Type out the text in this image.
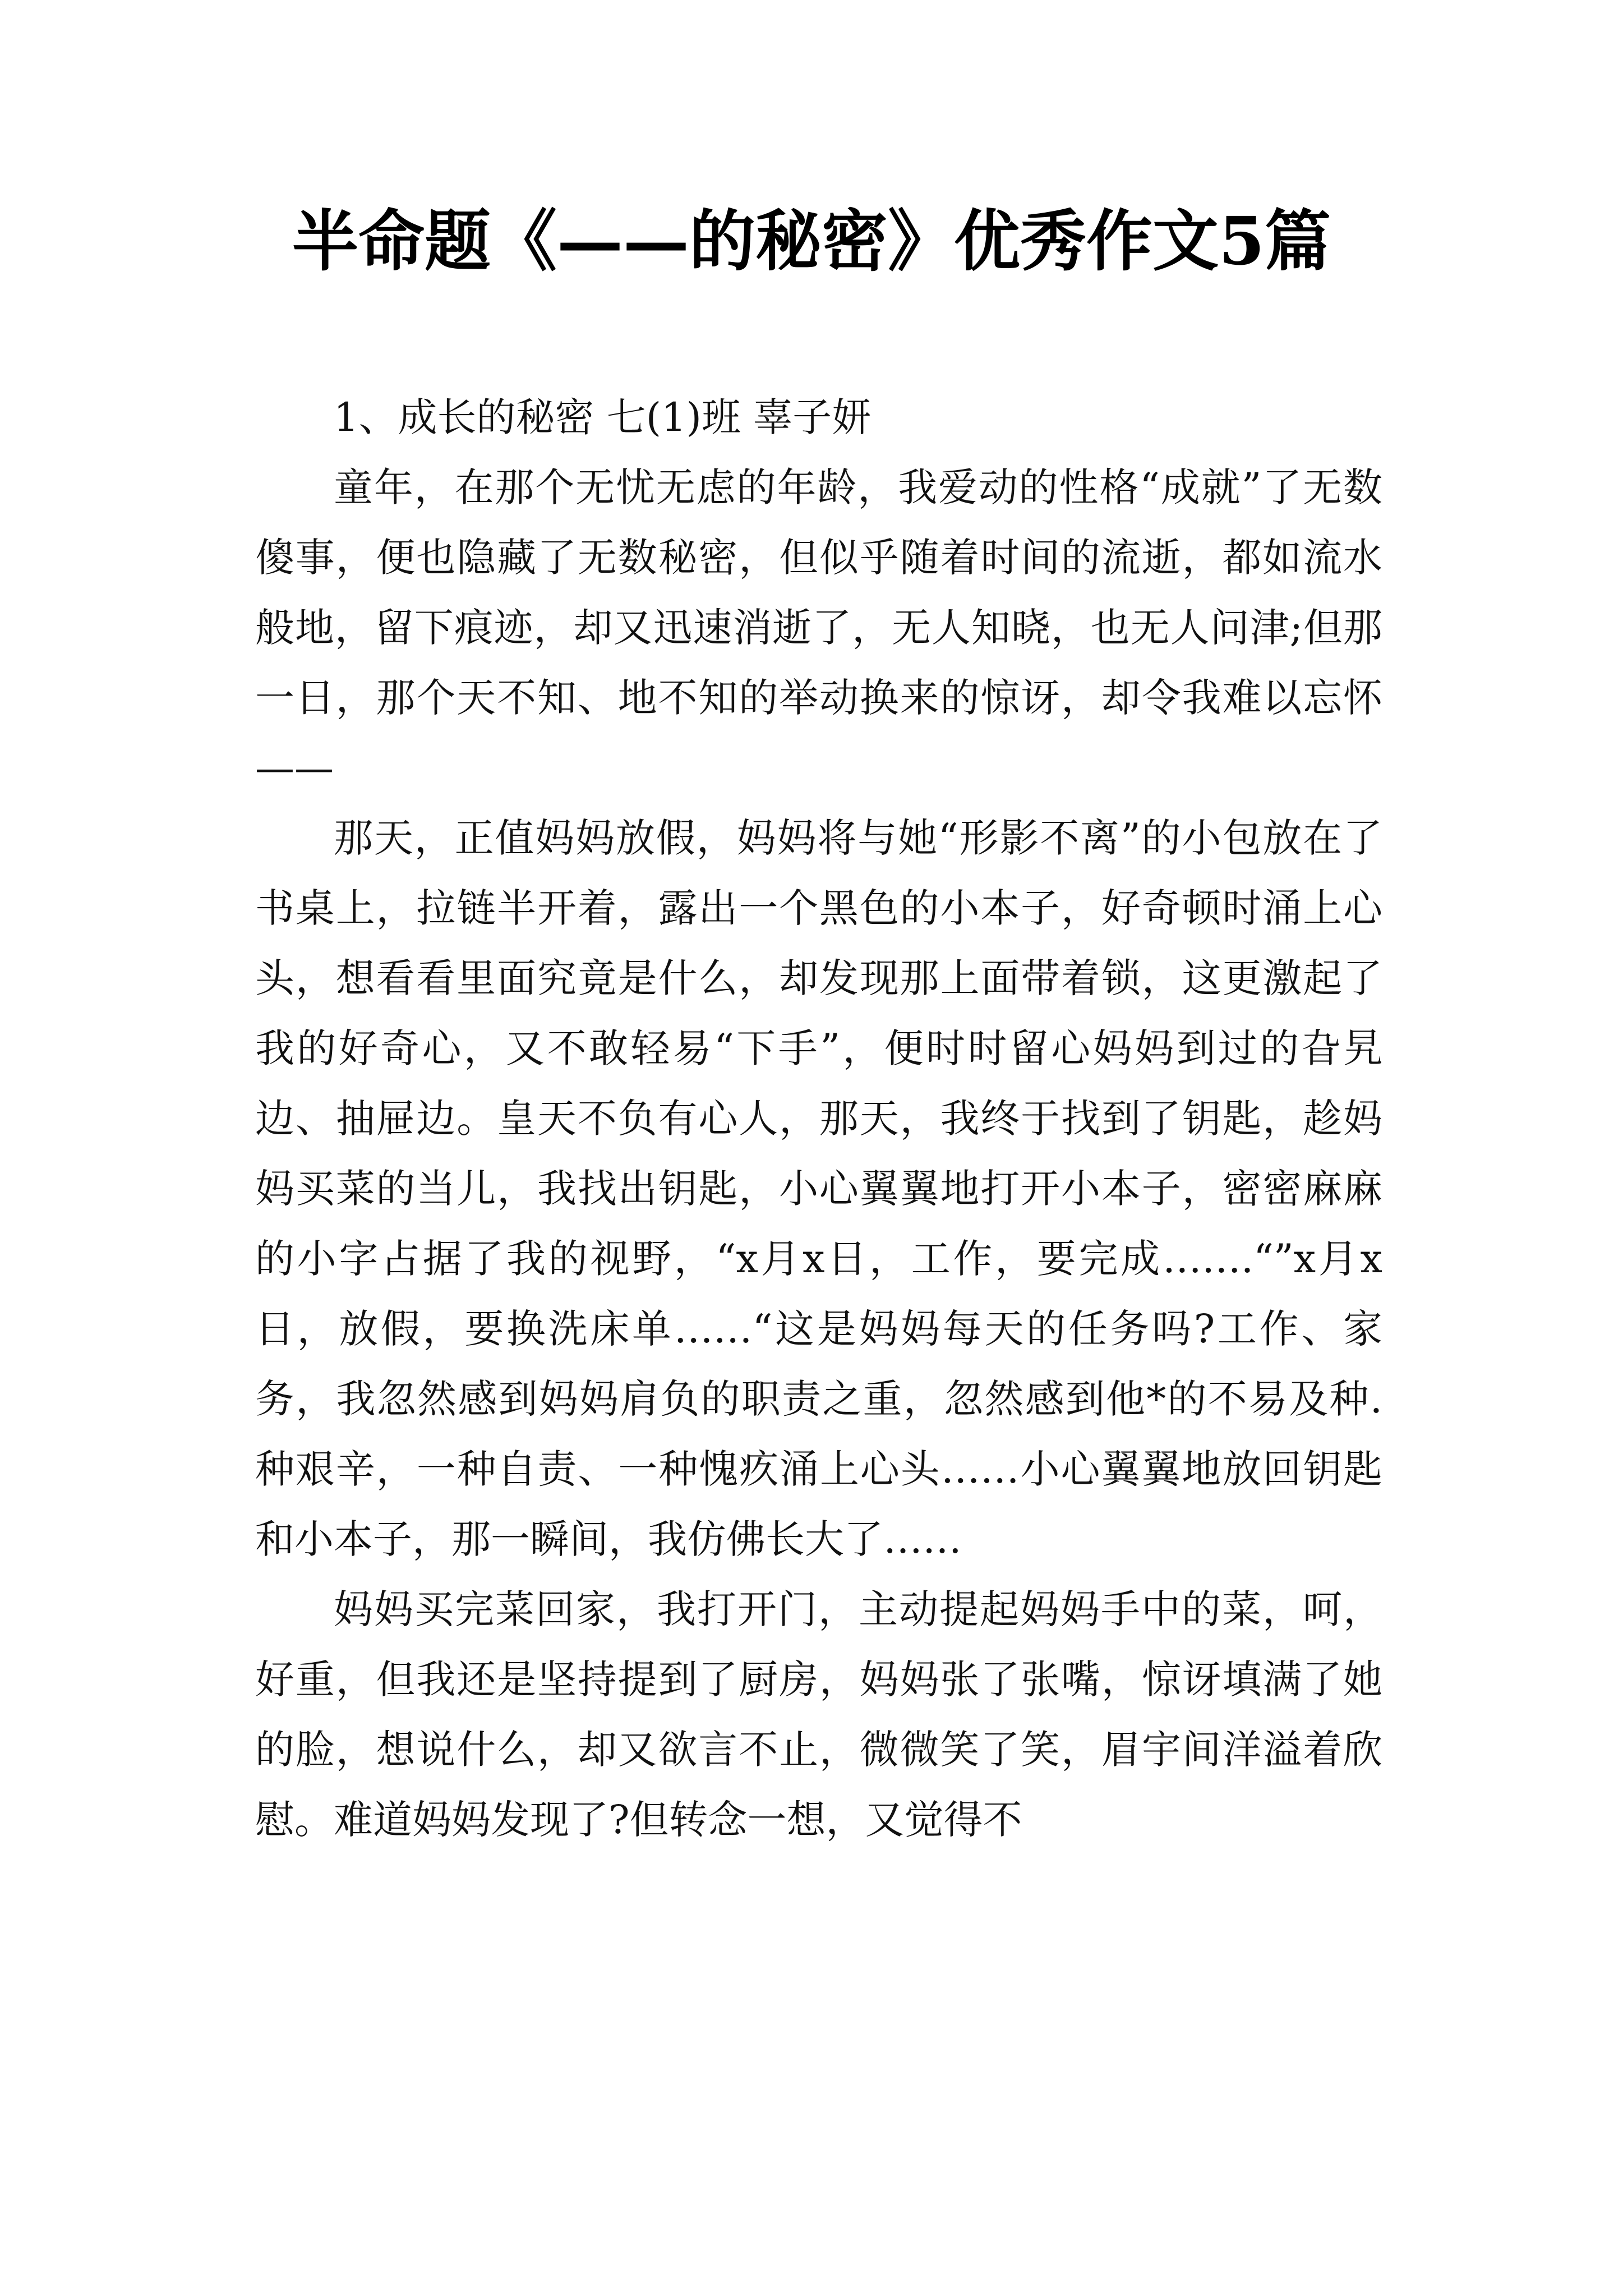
半命题《——的秘密》优秀作文5篇

1、成长的秘密 七(1)班 辜子妍

童年，在那个无忧无虑的年龄，我爱动的性格“成就”了无数傻事，便也隐藏了无数秘密，但似乎随着时间的流逝，都如流水般地，留下痕迹，却又迅速消逝了，无人知晓，也无人问津;但那一日，那个天不知、地不知的举动换来的惊讶，却令我难以忘怀——

那天，正值妈妈放假，妈妈将与她“形影不离”的小包放在了书桌上，拉链半开着，露出一个黑色的小本子，好奇顿时涌上心头，想看看里面究竟是什么，却发现那上面带着锁，这更激起了我的好奇心，又不敢轻易“下手”，便时时留心妈妈到过的旮旯边、抽屉边。皇天不负有心人，那天，我终于找到了钥匙，趁妈妈买菜的当儿，我找出钥匙，小心翼翼地打开小本子，密密麻麻的小字占据了我的视野，“x月x日，工作，要完成…….“”x月x日，放假，要换洗床单……“这是妈妈每天的任务吗?工作、家务，我忽然感到妈妈肩负的职责之重，忽然感到他*的不易及种.种艰辛，一种自责、一种愧疚涌上心头……小心翼翼地放回钥匙和小本子，那一瞬间，我仿佛长大了……

妈妈买完菜回家，我打开门，主动提起妈妈手中的菜，呵，好重，但我还是坚持提到了厨房，妈妈张了张嘴，惊讶填满了她的脸，想说什么，却又欲言不止，微微笑了笑，眉宇间洋溢着欣慰。难道妈妈发现了?但转念一想，又觉得不
